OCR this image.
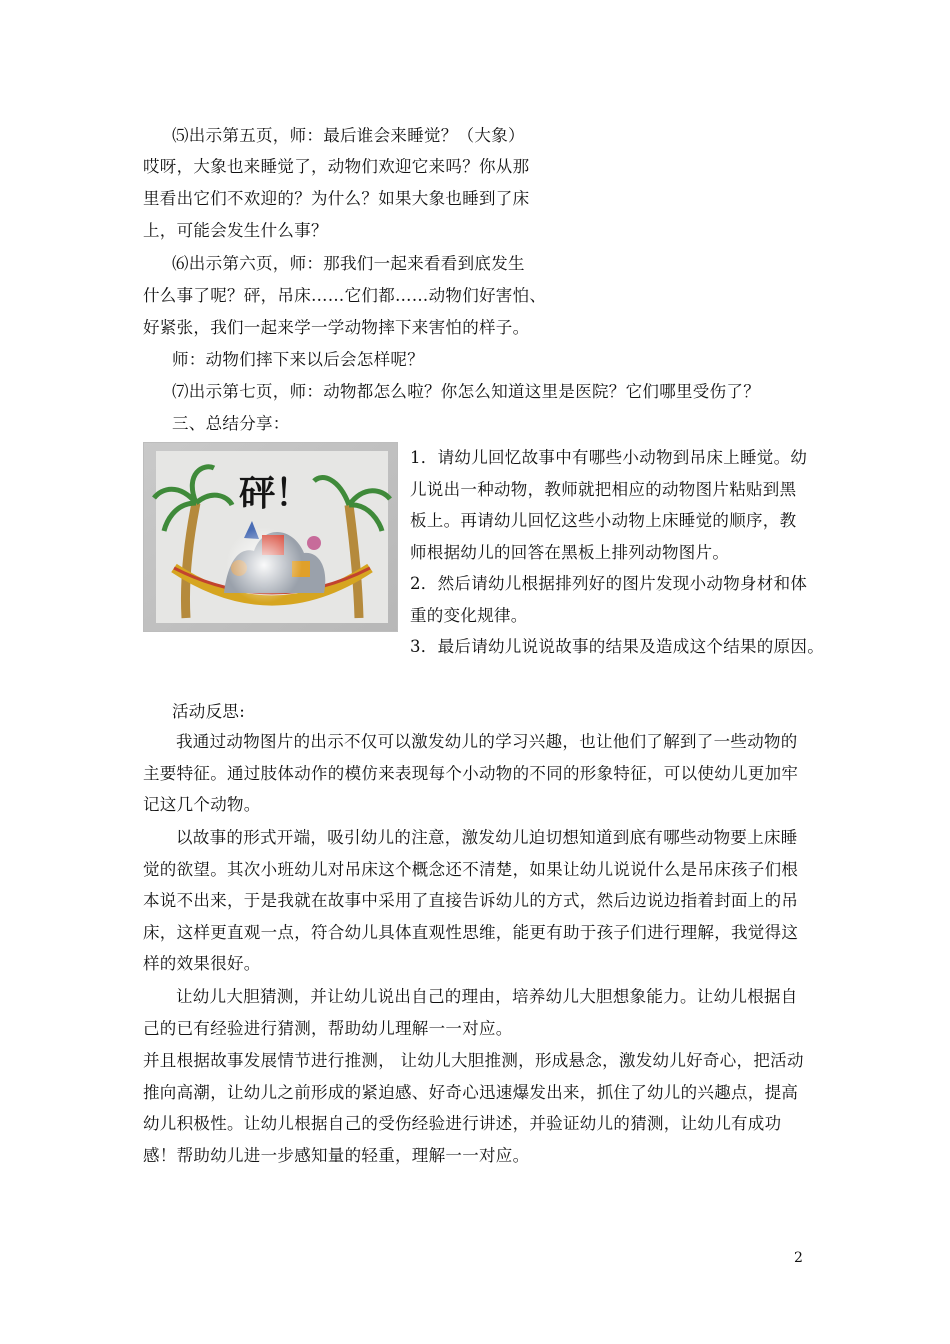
⑸出示第五页，师：最后谁会来睡觉？（大象）
哎呀，大象也来睡觉了，动物们欢迎它来吗？你从那
里看出它们不欢迎的？为什么？如果大象也睡到了床
上，可能会发生什么事？
⑹出示第六页，师：那我们一起来看看到底发生
什么事了呢？砰，吊床……它们都……动物们好害怕、
好紧张，我们一起来学一学动物摔下来害怕的样子。
师：动物们摔下来以后会怎样呢？
⑺出示第七页，师：动物都怎么啦？你怎么知道这里是医院？它们哪里受伤了？
三、总结分享：
砰！
1．请幼儿回忆故事中有哪些小动物到吊床上睡觉。幼儿说出一种动物，教师就把相应的动物图片粘贴到黑板上。再请幼儿回忆这些小动物上床睡觉的顺序，教师根据幼儿的回答在黑板上排列动物图片。
2．然后请幼儿根据排列好的图片发现小动物身材和体重的变化规律。
3．最后请幼儿说说故事的结果及造成这个结果的原因。
活动反思:
我通过动物图片的出示不仅可以激发幼儿的学习兴趣，也让他们了解到了一些动物的主要特征。通过肢体动作的模仿来表现每个小动物的不同的形象特征，可以使幼儿更加牢记这几个动物。
以故事的形式开端，吸引幼儿的注意，激发幼儿迫切想知道到底有哪些动物要上床睡觉的欲望。其次小班幼儿对吊床这个概念还不清楚，如果让幼儿说说什么是吊床孩子们根本说不出来，于是我就在故事中采用了直接告诉幼儿的方式，然后边说边指着封面上的吊床，这样更直观一点，符合幼儿具体直观性思维，能更有助于孩子们进行理解，我觉得这样的效果很好。
让幼儿大胆猜测，并让幼儿说出自己的理由，培养幼儿大胆想象能力。让幼儿根据自己的已有经验进行猜测，帮助幼儿理解一一对应。
并且根据故事发展情节进行推测， 让幼儿大胆推测，形成悬念，激发幼儿好奇心，把活动推向高潮，让幼儿之前形成的紧迫感、好奇心迅速爆发出来，抓住了幼儿的兴趣点，提高幼儿积极性。让幼儿根据自己的受伤经验进行讲述，并验证幼儿的猜测，让幼儿有成功感！帮助幼儿进一步感知量的轻重，理解一一对应。
2
